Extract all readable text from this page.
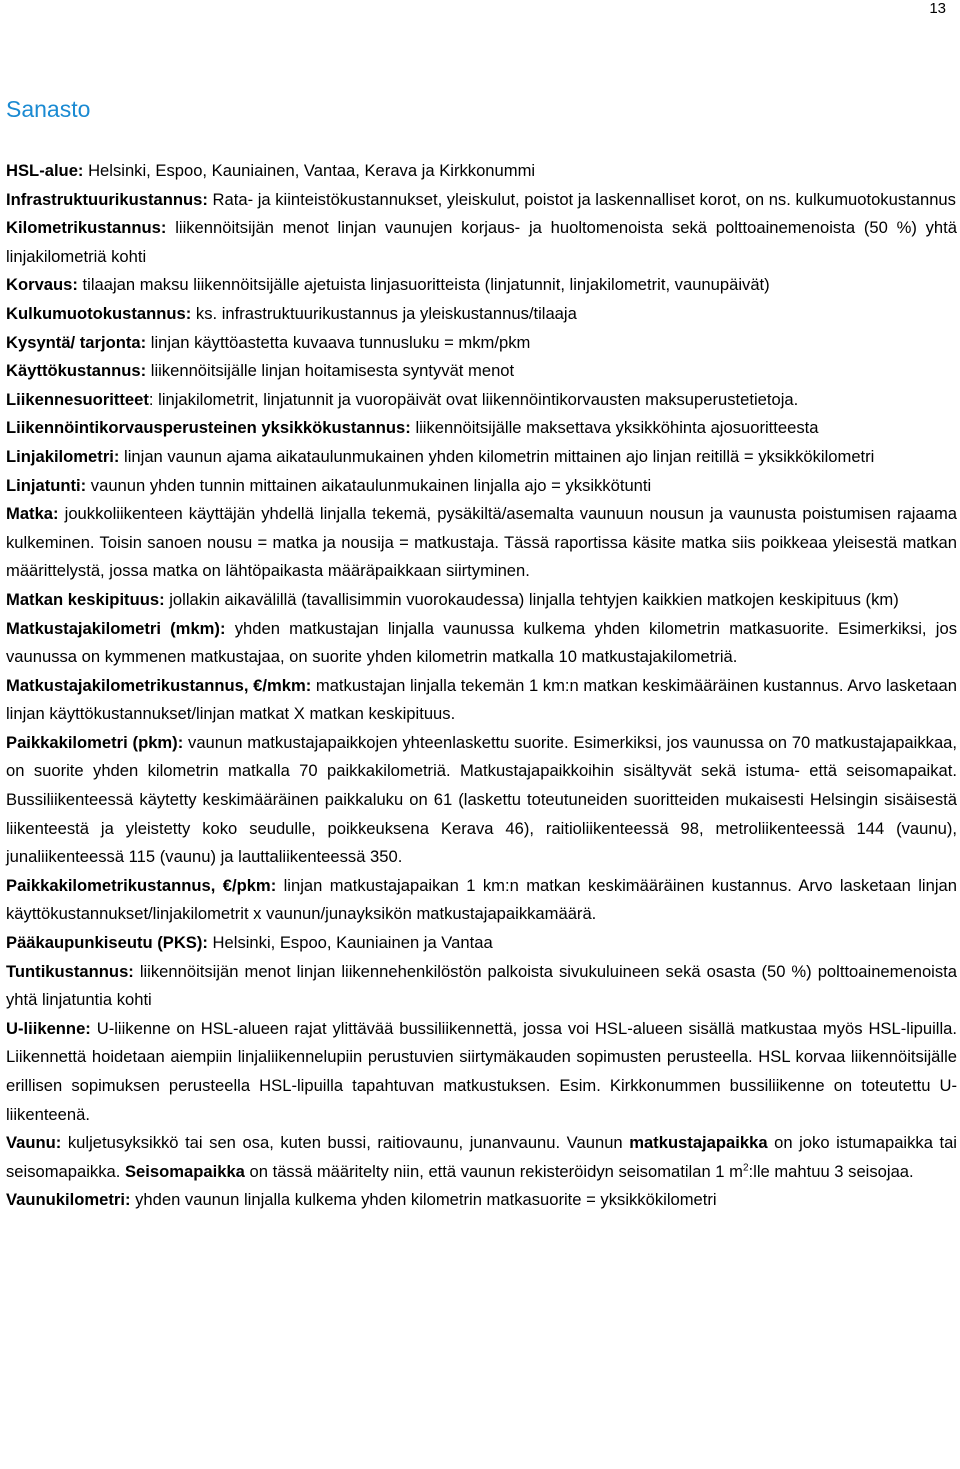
13
Sanasto

HSL-alue: Helsinki, Espoo, Kauniainen, Vantaa, Kerava ja Kirkkonummi

Infrastruktuurikustannus: Rata- ja kiinteistökustannukset, yleiskulut, poistot ja laskennalliset korot, on ns. kulkumuotokustannus

Kilometrikustannus: liikennöitsijän menot linjan vaunujen korjaus- ja huoltomenoista sekä polttoainemenoista (50 %) yhtä linjakilometriä kohti

Korvaus: tilaajan maksu liikennöitsijälle ajetuista linjasuoritteista (linjatunnit, linjakilometrit, vaunupäivät)

Kulkumuotokustannus: ks. infrastruktuurikustannus ja yleiskustannus/tilaaja

Kysyntä/ tarjonta: linjan käyttöastetta kuvaava tunnusluku = mkm/pkm

Käyttökustannus: liikennöitsijälle linjan hoitamisesta syntyvät menot

Liikennesuoritteet: linjakilometrit, linjatunnit ja vuoropäivät ovat liikennöintikorvausten maksuperustetietoja.

Liikennöintikorvausperusteinen yksikkökustannus: liikennöitsijälle maksettava yksikköhinta ajosuoritteesta

Linjakilometri: linjan vaunun ajama aikataulunmukainen yhden kilometrin mittainen ajo linjan reitillä = yksikkökilometri

Linjatunti: vaunun yhden tunnin mittainen aikataulunmukainen linjalla ajo = yksikkötunti

Matka: joukkoliikenteen käyttäjän yhdellä linjalla tekemä, pysäkiltä/asemalta vaunuun nousun ja vaunusta poistumisen rajaama kulkeminen. Toisin sanoen nousu = matka ja nousija = matkustaja. Tässä raportissa käsite matka siis poikkeaa yleisestä matkan määrittelystä, jossa matka on lähtöpaikasta määräpaikkaan siirtyminen.

Matkan keskipituus: jollakin aikavälillä (tavallisimmin vuorokaudessa) linjalla tehtyjen kaikkien matkojen keskipituus (km)

Matkustajakilometri (mkm): yhden matkustajan linjalla vaunussa kulkema yhden kilometrin matkasuorite. Esimerkiksi, jos vaunussa on kymmenen matkustajaa, on suorite yhden kilometrin matkalla 10 matkustajakilometriä.

Matkustajakilometrikustannus, €/mkm: matkustajan linjalla tekemän 1 km:n matkan keskimääräinen kustannus. Arvo lasketaan linjan käyttökustannukset/linjan matkat X matkan keskipituus.

Paikkakilometri (pkm): vaunun matkustajapaikkojen yhteenlaskettu suorite. Esimerkiksi, jos vaunussa on 70 matkustajapaikkaa, on suorite yhden kilometrin matkalla 70 paikkakilometriä. Matkustajapaikkoihin sisältyvät sekä istuma- että seisomapaikat. Bussiliikenteessä käytetty keskimääräinen paikkaluku on 61 (laskettu toteutuneiden suoritteiden mukaisesti Helsingin sisäisestä liikenteestä ja yleistetty koko seudulle, poikkeuksena Kerava 46), raitioliikenteessä 98, metroliikenteessä 144 (vaunu), junaliikenteessä 115 (vaunu) ja lauttaliikenteessä 350.

Paikkakilometrikustannus, €/pkm: linjan matkustajapaikan 1 km:n matkan keskimääräinen kustannus. Arvo lasketaan linjan käyttökustannukset/linjakilometrit x vaunun/junayksikön matkustajapaikkamäärä.

Pääkaupunkiseutu (PKS): Helsinki, Espoo, Kauniainen ja Vantaa

Tuntikustannus: liikennöitsijän menot linjan liikennehenkilöstön palkoista sivukuluineen sekä osasta (50 %) polttoainemenoista yhtä linjatuntia kohti

U-liikenne: U-liikenne on HSL-alueen rajat ylittävää bussiliikennettä, jossa voi HSL-alueen sisällä matkustaa myös HSL-lipuilla. Liikennettä hoidetaan aiempiin linjaliikennelupiin perustuvien siirtymäkauden sopimusten perusteella. HSL korvaa liikennöitsijälle erillisen sopimuksen perusteella HSL-lipuilla tapahtuvan matkustuksen. Esim. Kirkkonummen bussiliikenne on toteutettu U-liikenteenä.

Vaunu: kuljetusyksikkö tai sen osa, kuten bussi, raitiovaunu, junanvaunu. Vaunun matkustajapaikka on joko istumapaikka tai seisomapaikka. Seisomapaikka on tässä määritelty niin, että vaunun rekisteröidyn seisomatilan 1 $m^2:lle$ mahtuu 3 seisojaa.

Vaunukilometri: yhden vaunun linjalla kulkema yhden kilometrin matkasuorite = yksikkökilometri
